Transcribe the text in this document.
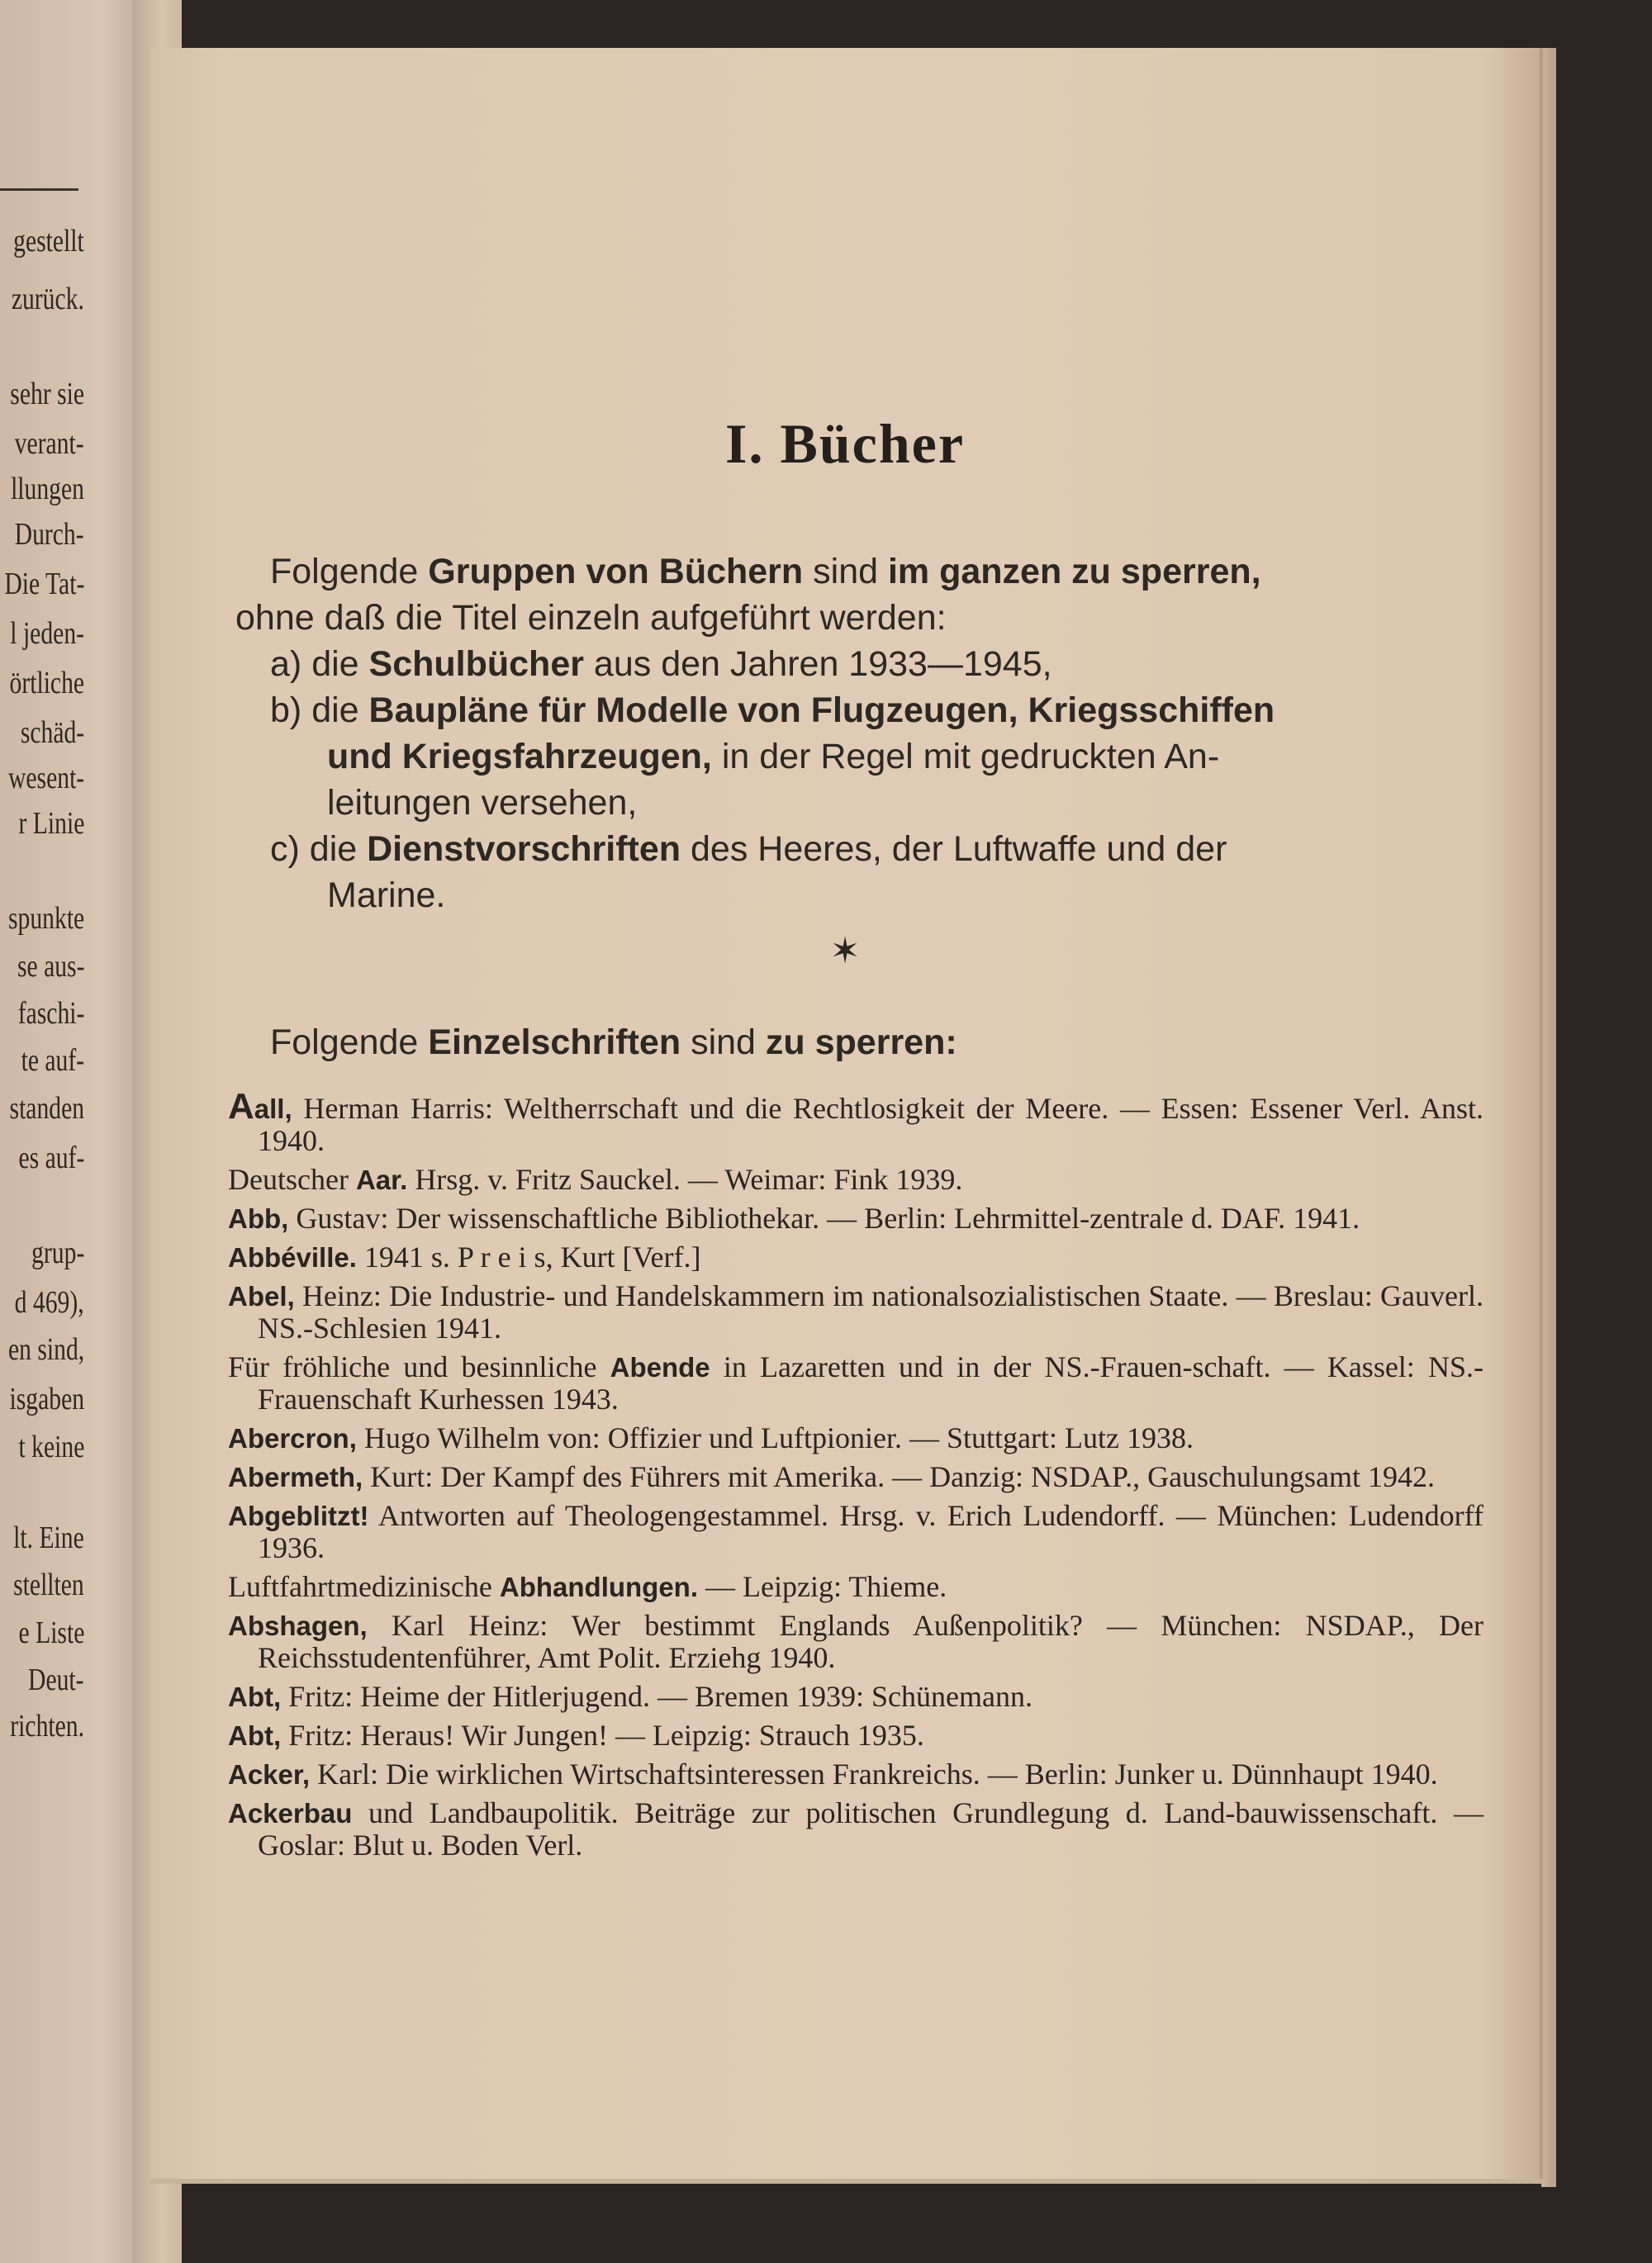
gestellt
zurück.
sehr sie
verant-
llungen
Durch-
Die Tat-
l jeden-
örtliche
schäd-
wesent-
r Linie
spunkte
se aus-
faschi-
te auf-
standen
es auf-
grup-
d 469),
en sind,
isgaben
t keine
lt. Eine
stellten
e Liste
Deut-
richten.
I. Bücher
Folgende Gruppen von Büchern sind im ganzen zu sperren,
ohne daß die Titel einzeln aufgeführt werden:
a) die Schulbücher aus den Jahren 1933—1945,
b) die Baupläne für Modelle von Flugzeugen, Kriegsschiffen
und Kriegsfahrzeugen, in der Regel mit gedruckten An-
leitungen versehen,
c) die Dienstvorschriften des Heeres, der Luftwaffe und der
Marine.
✶
Folgende Einzelschriften sind zu sperren:
Aall, Herman Harris: Weltherrschaft und die Rechtlosigkeit der Meere. — Essen: Essener Verl. Anst. 1940.
Deutscher Aar. Hrsg. v. Fritz Sauckel. — Weimar: Fink 1939.
Abb, Gustav: Der wissenschaftliche Bibliothekar. — Berlin: Lehrmittel-zentrale d. DAF. 1941.
Abbéville. 1941 s. P r e i s, Kurt [Verf.]
Abel, Heinz: Die Industrie- und Handelskammern im nationalsozialistischen Staate. — Breslau: Gauverl. NS.-Schlesien 1941.
Für fröhliche und besinnliche Abende in Lazaretten und in der NS.-Frauen-schaft. — Kassel: NS.-Frauenschaft Kurhessen 1943.
Abercron, Hugo Wilhelm von: Offizier und Luftpionier. — Stuttgart: Lutz 1938.
Abermeth, Kurt: Der Kampf des Führers mit Amerika. — Danzig: NSDAP., Gauschulungsamt 1942.
Abgeblitzt! Antworten auf Theologengestammel. Hrsg. v. Erich Ludendorff. — München: Ludendorff 1936.
Luftfahrtmedizinische Abhandlungen. — Leipzig: Thieme.
Abshagen, Karl Heinz: Wer bestimmt Englands Außenpolitik? — München: NSDAP., Der Reichsstudentenführer, Amt Polit. Erziehg 1940.
Abt, Fritz: Heime der Hitlerjugend. — Bremen 1939: Schünemann.
Abt, Fritz: Heraus! Wir Jungen! — Leipzig: Strauch 1935.
Acker, Karl: Die wirklichen Wirtschaftsinteressen Frankreichs. — Berlin: Junker u. Dünnhaupt 1940.
Ackerbau und Landbaupolitik. Beiträge zur politischen Grundlegung d. Land-bauwissenschaft. — Goslar: Blut u. Boden Verl.
